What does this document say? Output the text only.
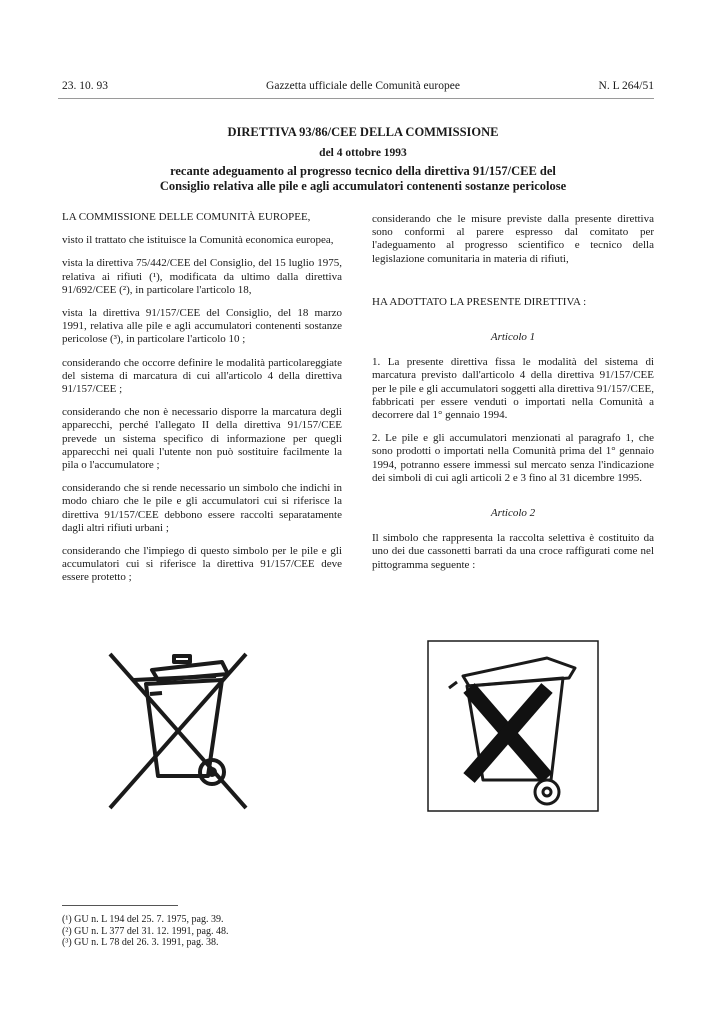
23. 10. 93	Gazzetta ufficiale delle Comunità europee	N. L 264/51
DIRETTIVA 93/86/CEE DELLA COMMISSIONE
del 4 ottobre 1993
recante adeguamento al progresso tecnico della direttiva 91/157/CEE del
Consiglio relativa alle pile e agli accumulatori contenenti sostanze pericolose

LA COMMISSIONE DELLE COMUNITÀ EUROPEE,

visto il trattato che istituisce la Comunità economica europea,

vista la direttiva 75/442/CEE del Consiglio, del 15 luglio 1975, relativa ai rifiuti (¹), modificata da ultimo dalla direttiva 91/692/CEE (²), in particolare l'articolo 18,

vista la direttiva 91/157/CEE del Consiglio, del 18 marzo 1991, relativa alle pile e agli accumulatori contenenti sostanze pericolose (³), in particolare l'articolo 10 ;

considerando che occorre definire le modalità particolareggiate del sistema di marcatura di cui all'articolo 4 della direttiva 91/157/CEE ;

considerando che non è necessario disporre la marcatura degli apparecchi, perché l'allegato II della direttiva 91/157/CEE prevede un sistema specifico di informazione per quegli apparecchi nei quali l'utente non può sostituire facilmente la pila o l'accumulatore ;

considerando che si rende necessario un simbolo che indichi in modo chiaro che le pile e gli accumulatori cui si riferisce la direttiva 91/157/CEE debbono essere raccolti separatamente dagli altri rifiuti urbani ;

considerando che l'impiego di questo simbolo per le pile e gli accumulatori cui si riferisce la direttiva 91/157/CEE deve essere protetto ;

considerando che le misure previste dalla presente direttiva sono conformi al parere espresso dal comitato per l'adeguamento al progresso scientifico e tecnico della legislazione comunitaria in materia di rifiuti,

HA ADOTTATO LA PRESENTE DIRETTIVA :

Articolo 1

1. La presente direttiva fissa le modalità del sistema di marcatura previsto dall'articolo 4 della direttiva 91/157/CEE per le pile e gli accumulatori soggetti alla direttiva 91/157/CEE, fabbricati per essere venduti o importati nella Comunità a decorrere dal 1° gennaio 1994.

2. Le pile e gli accumulatori menzionati al paragrafo 1, che sono prodotti o importati nella Comunità prima del 1° gennaio 1994, potranno essere immessi sul mercato senza l'indicazione dei simboli di cui agli articoli 2 e 3 fino al 31 dicembre 1995.

Articolo 2

Il simbolo che rappresenta la raccolta selettiva è costituito da uno dei due cassonetti barrati da una croce raffigurati come nel pittogramma seguente :

(¹) GU n. L 194 del 25. 7. 1975, pag. 39.
(²) GU n. L 377 del 31. 12. 1991, pag. 48.
(³) GU n. L 78 del 26. 3. 1991, pag. 38.
